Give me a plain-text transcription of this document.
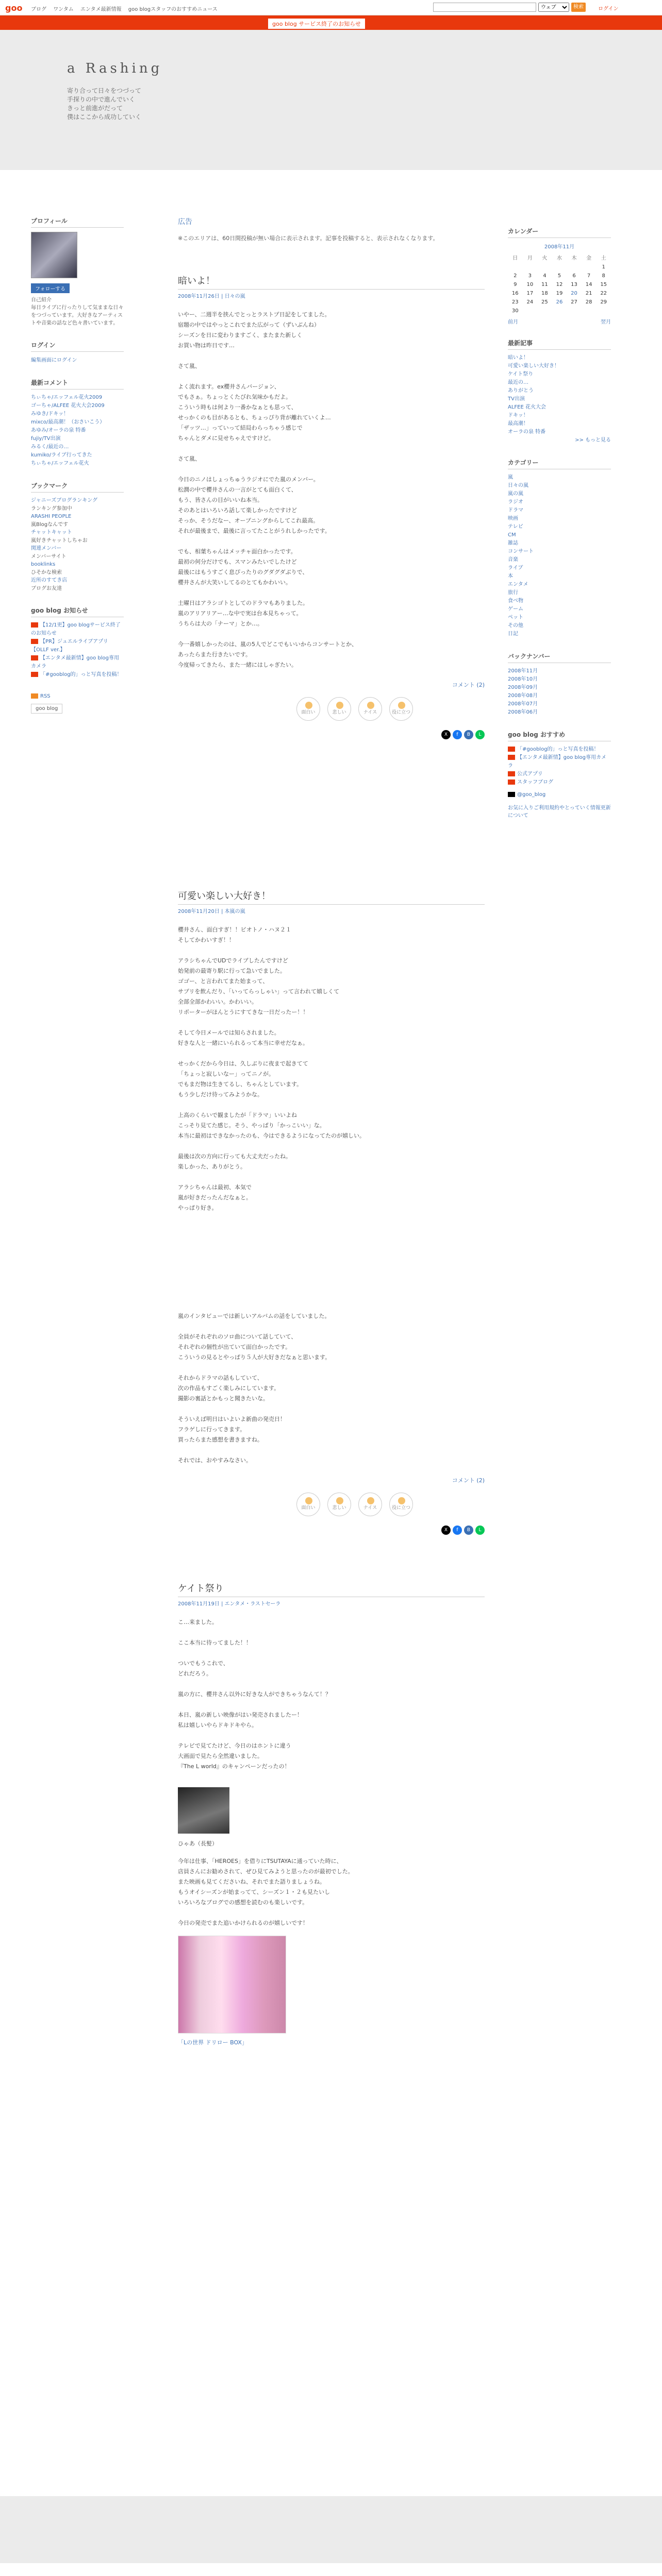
goo ブログ ワンタム エンタメ最新情報 goo blogスタッフのおすすめニュース
ウェブ	検索	ログイン
goo blog サービス終了のお知らせ
a Rashing
寄り合って日々をつづって
手探りの中で進んでいく
きっと前進がだって
僕はここから成功していく
プロフィール
フォローする
自己紹介
毎日ライブに行ったりして気ままな日々をつづっています。大好きなアーティストや音楽の話など色々書いています。
ログイン
編集画面にログイン
最新コメント
ちぃちゃ/エッフェル花火2009
ゴーちゃ/ALFEE 花火大会2009
みゆき/ドキッ！
mixco/最高潮！（おさいこう）
あゆみ/オーラの泉 特番
fujiy/TV出演
みるく/最近の…
kumiko/ライブ行ってきた
ちぃちゃ/エッフェル花火
ブックマーク
ジャニーズブログランキング
ランキング参加中
ARASHI PEOPLE
嵐Blogなんです
チャットキャット
嵐好きチャットしちゃお
関連メンバー
メンバーサイト
booklinks
ひそかな検索
近所のすてき店
ブログお友達
goo blog お知らせ
【12/1更】goo blogサービス終了のお知らせ
【PR】ジュエルライブアプリ【OLLF ver.】
【エンタメ最新情】goo blog専用カメラ
「#gooblog的」っと写真を投稿！
RSS
goo blog
広告
※このエリアは、60日間投稿が無い場合に表示されます。記事を投稿すると、表示されなくなります。
暗いよ！
2008年11月26日 | 日々の嵐
いやー、二週半を挟んでとっとラストプ日記をしてました。
宿題の中ではやっとこれでまた広がって（ずいぶんね）
シーズンを日に変わりますごく、またまた新しく
お買い物は昨日です…

さて嵐、

よく流れます。ex櫻井さんバージョン、
でもさぁ。ちょっとくたびれ気味かもだよ。
こういう時もは何より一番かなぁとも思って、
せっかくのも目があるとも、ちょっぴり背が離れていくよ…
「ザッツ…」っていって結局わらっちゃう感じで
ちゃんとダメに見せちゃえですけど。

さて嵐、

今日のニノはしょっちゅうラジオにでた嵐のメンバー。
松潤の中で櫻井さんの一言がとても面白くて、
もう、皆さんの目がいいね本当。
そのあとはいろいろ話して楽しかったですけど
そっか、そうだなー、オープニングからしてこれ最高。
それが最後まで、最後に言ってたことがうれしかったです。

でも、相葉ちゃんはメッチャ面白かったです。
最初の何分だけでも、スマンみたいでしたけど
最後にはもうすごく息ぴったりのグダグダぶりで、
櫻井さんが大笑いしてるのとてもかわいい。

土曜日はアラシゴトとしてのドラマもありました。
嵐のアリアリアー…な中で実は台本見ちゃって。
うちらは大の「ナーマ」とか…。

今一番嬉しかったのは、嵐の5人でどこでもいいからコンサートとか、
あったらまた行きたいです。
今度帰ってきたら、また一緒にはしゃぎたい。
コメント (2)
面白い	悲しい	ナイス	役に立つ
X	f	B	L
可愛い楽しい大好き！
2008年11月20日 | 本嵐の嵐
櫻井さん、面白すぎ！！ビオトノ・ハヌ２１
そしてかわいすぎ！！

アラシちゃんでUDでライブしたんですけど
始発前の最寄り駅に行って急いでました。
ゴゴー、と言われてまた始まって、
サプリを飲んだり、「いってらっしゃい」って言われて嬉しくて
全部全部かわいい。かわいい。
リポーターがほんとうにすてきな一日だったー！！

そして今日メールでは知らされました。
好きな人と一緒にいられるって本当に幸せだなぁ。

せっかくだから今日は、久しぶりに夜まで起きてて
「ちょっと寂しいなー」ってニノが。
でもまだ物は生きてるし、ちゃんとしています。
もう少しだけ待ってみようかな。

上高のくらいで観ましたが「ドラマ」いいよね
こっそり見てた感じ。そう、やっぱり「かっこいい」な。
本当に最初はできなかったのも、今はできるようになってたのが嬉しい。

最後は次の方向に行っても大丈夫だったね。
楽しかった、ありがとう。

アラシちゃんは最初、本気で
嵐が好きだったんだなぁと。
やっぱり好き。
嵐のインタビューでは新しいアルバムの話をしていました。

全員がそれぞれのソロ曲について話していて、
それぞれの個性が出ていて面白かったです。
こういうの見るとやっぱり５人が大好きだなぁと思います。

それからドラマの話もしていて、
次の作品もすごく楽しみにしています。
撮影の裏話とかもっと聞きたいな。

そういえば明日はいよいよ新曲の発売日！
フラゲしに行ってきます。
買ったらまた感想を書きますね。

それでは、おやすみなさい。
コメント (2)
面白い	悲しい	ナイス	役に立つ
X	f	B	L
ケイト祭り
2008年11月19日 | エンタメ・ラストセーラ
こ…来ました。

ここ本当に待ってました！！

ついでもうこれで、
どれだろう。

嵐の方に、櫻井さん以外に好きな人ができちゃうなんて！？

本日、嵐の新しい映像がはい発売されましたー！
私は嬉しいやらドキドキやら。

テレビで見てたけど、今日のはホントに違う
大画面で見たら全然違いました。
『The L world』のキャンペーンだったの！

ひゃあ（長髪）
今年は仕事、「HEROES」を借りにTSUTAYAに通っていた時に、
店員さんにお勧めされて、ぜひ見てみようと思ったのが最初でした。
また映画も見てくださいね、それでまた語りましょうね。
もうオイシーズンが始まってて、シーズン１・２も見たいし
いろいろなブログでの感想を読むのも楽しいです。

今日の発売でまた追いかけられるのが嬉しいです！
「Lの世界 ドリロー BOX」
カレンダー
2008年11月
日	月	火	水	木	金	土
						1
2	3	4	5	6	7	8
9	10	11	12	13	14	15
16	17	18	19	20	21	22
23	24	25	26	27	28	29
30						
前月	翌月
最新記事
暗いよ！
可愛い楽しい大好き！
ケイト祭り
最近の…
ありがとう
TV出演
ALFEE 花火大会
ドキッ！
最高潮！
オーラの泉 特番
>> もっと見る
カテゴリー
嵐
日々の嵐
嵐の嵐
ラジオ
ドラマ
映画
テレビ
CM
雑誌
コンサート
音楽
ライブ
本
エンタメ
旅行
食べ物
ゲーム
ペット
その他
日記
バックナンバー
2008年11月
2008年10月
2008年09月
2008年08月
2008年07月
2008年06月
goo blog おすすめ
「#gooblog的」っと写真を投稿！
【エンタメ最新情】goo blog専用カメラ
公式アプリ
スタッフブログ
@goo_blog
お気に入りご利用規約やとっていく情報更新について
